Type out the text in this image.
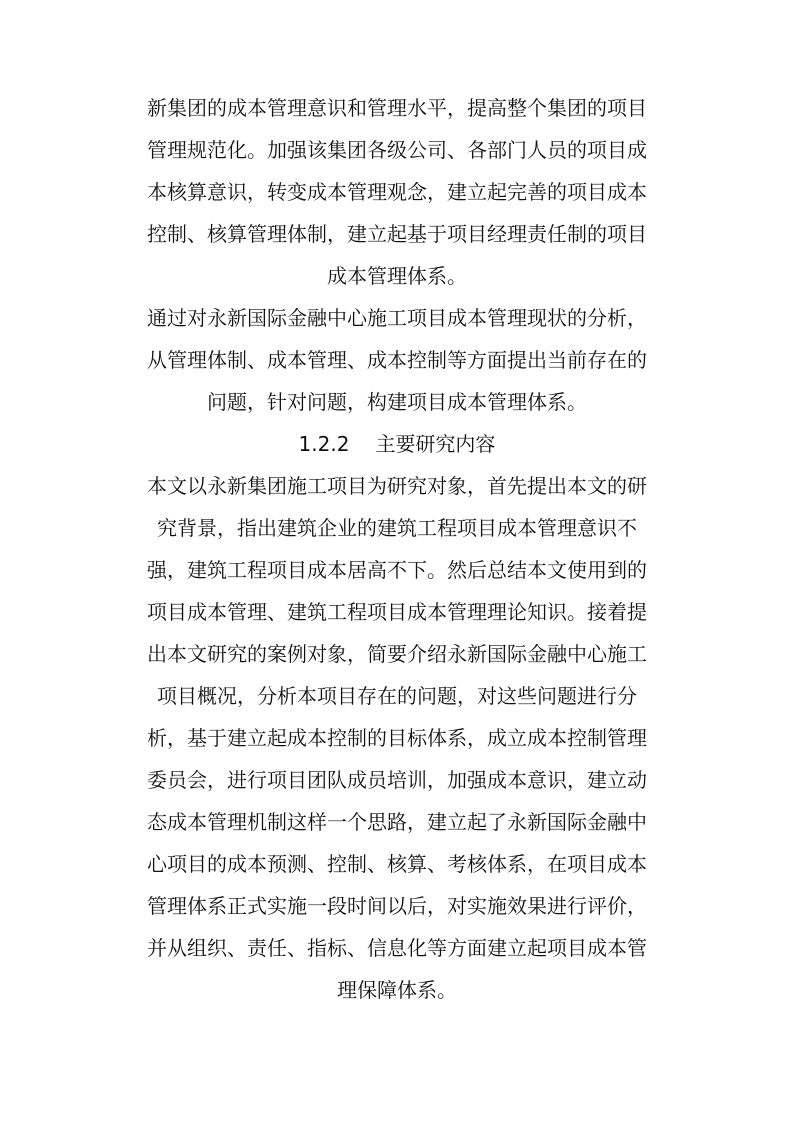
新集团的成本管理意识和管理水平，提高整个集团的项目
管理规范化。加强该集团各级公司、各部门人员的项目成
本核算意识，转变成本管理观念，建立起完善的项目成本
控制、核算管理体制，建立起基于项目经理责任制的项目
成本管理体系。
通过对永新国际金融中心施工项目成本管理现状的分析，
从管理体制、成本管理、成本控制等方面提出当前存在的
问题，针对问题，构建项目成本管理体系。
1.2.2 主要研究内容
本文以永新集团施工项目为研究对象，首先提出本文的研
究背景，指出建筑企业的建筑工程项目成本管理意识不
强，建筑工程项目成本居高不下。然后总结本文使用到的
项目成本管理、建筑工程项目成本管理理论知识。接着提
出本文研究的案例对象，简要介绍永新国际金融中心施工
项目概况，分析本项目存在的问题，对这些问题进行分
析，基于建立起成本控制的目标体系，成立成本控制管理
委员会，进行项目团队成员培训，加强成本意识，建立动
态成本管理机制这样一个思路，建立起了永新国际金融中
心项目的成本预测、控制、核算、考核体系，在项目成本
管理体系正式实施一段时间以后，对实施效果进行评价，
并从组织、责任、指标、信息化等方面建立起项目成本管
理保障体系。
